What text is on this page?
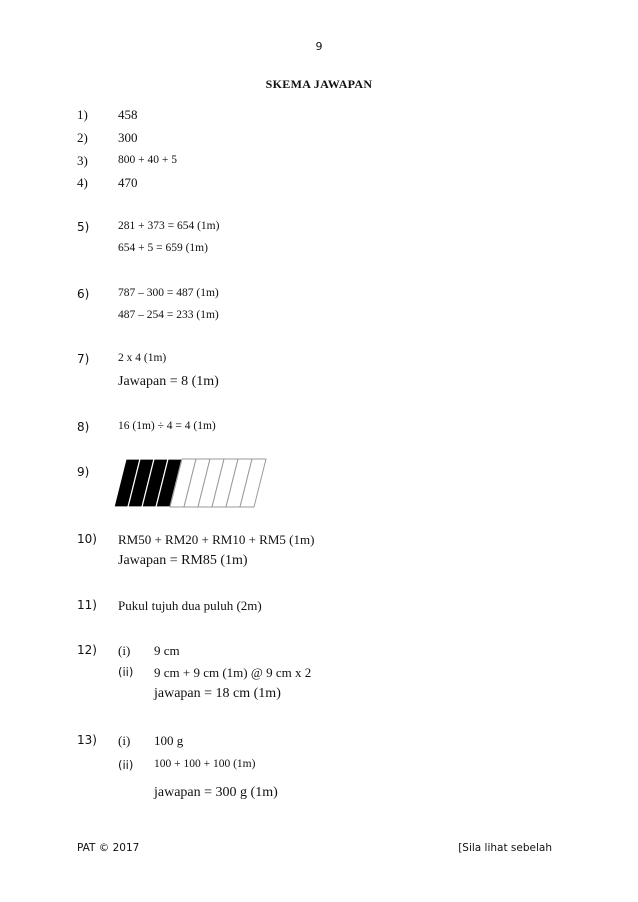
9
SKEMA JAWAPAN
1) 458
2) 300
3)	800 + 40 + 5
4) 470
5) 281 + 373 = 654 (1m)
654 + 5 = 659 (1m)
6) 787 – 300 = 487 (1m)
487 – 254 = 233 (1m)
7) 2 x 4 (1m)
Jawapan = 8 (1m)
8) 16 (1m) ÷ 4 = 4 (1m)
9)
10) RM50 + RM20 + RM10 + RM5 (1m)
Jawapan = RM85 (1m)
11) Pukul tujuh dua puluh (2m)
12) (i) 9 cm
(ii) 9 cm + 9 cm (1m) @ 9 cm x 2
jawapan = 18 cm (1m)
13) (i) 100 g
(ii) 100 + 100 + 100 (1m)
jawapan = 300 g (1m)
PAT © 2017	[Sila lihat sebelah
